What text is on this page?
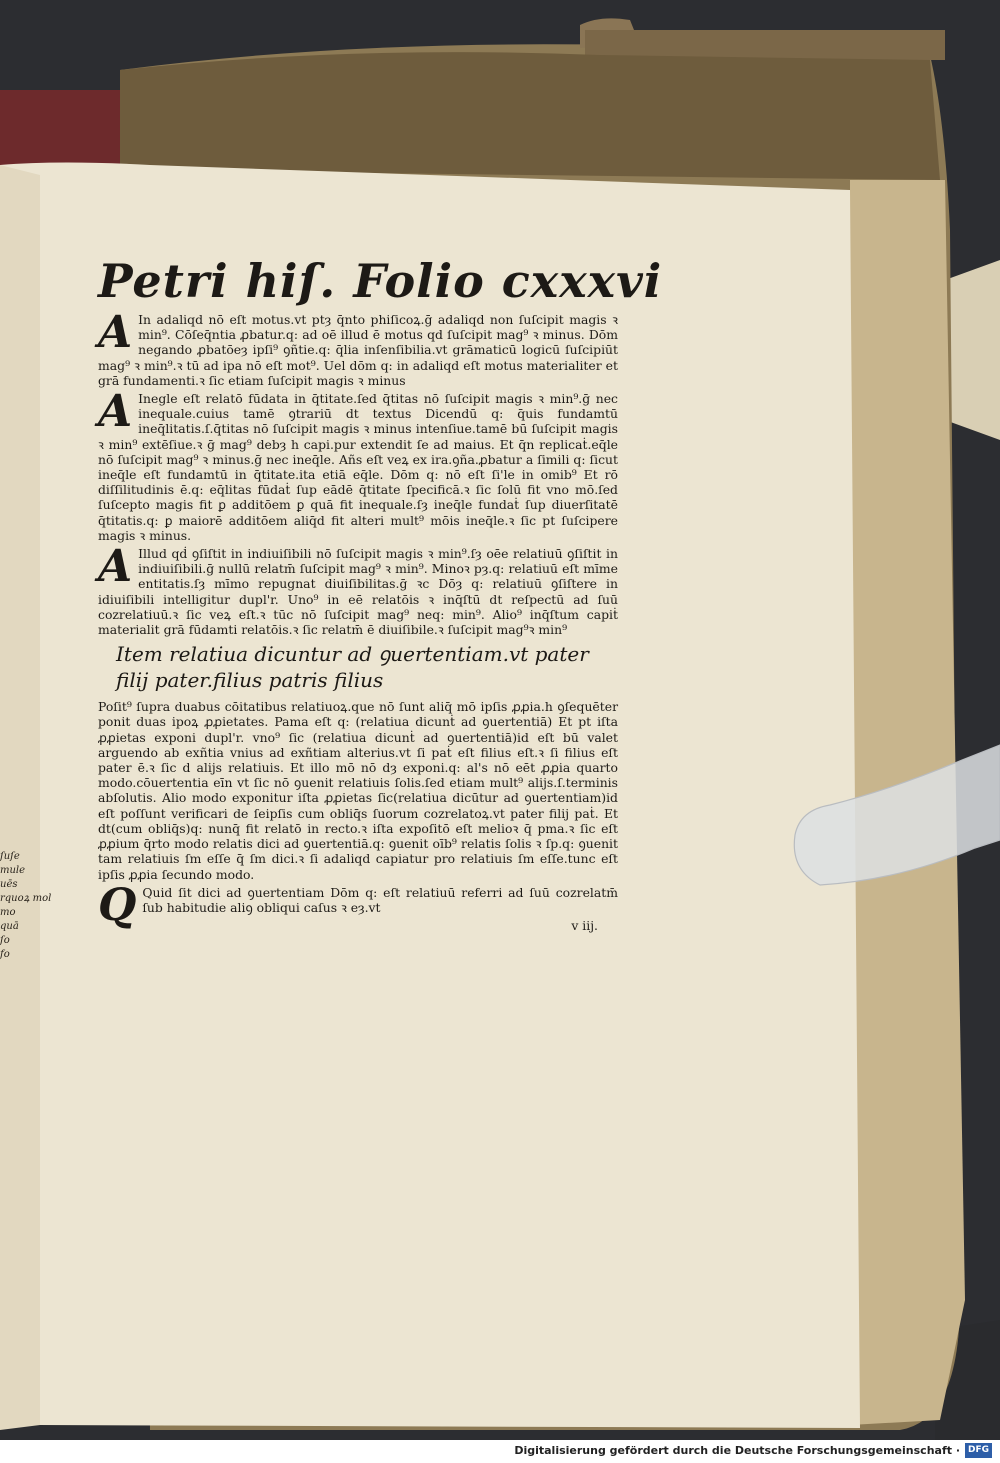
Petri hiſ. Folio cxxxvi

A In adaliqd nō eſt motus.vt ptȝ q̄nto phiſicoꝝ.ḡ adaliqd non ſuſcipit magis ꝛ min⁹. Cōſeq̄ntia ꝓbatur.q: ad oē illud ē motus qd ſuſcipit mag⁹ ꝛ minus. Dōm negando ꝓbatōeȝ ipſi⁹ ꝯñtie.q: q̄lia inſenſibilia.vt grāmaticū logicū ſuſcipiūt mag⁹ ꝛ min⁹.ꝛ tū ad ipa nō eſt mot⁹. Uel dōm q: in adaliqd eſt motus materialiter et grā fundamenti.ꝛ ſic etiam ſuſcipit magis ꝛ minus

A Inegle eſt relatō fūdata in q̄titate.ſed q̄titas nō ſuſcipit magis ꝛ min⁹.ḡ nec inequale.cuius tamē ꝯtrariū dt textus Dicendū q: q̄uis fundamtū ineq̄litatis.ſ.q̄titas nō ſuſcipit magis ꝛ minus intenſiue.tamē bū ſuſcipit magis ꝛ min⁹ extēſiue.ꝛ ḡ mag⁹ debȝ h capi.pur extendit ſe ad maius. Et q̄n replicaṫ.eq̄le nō ſuſcipit mag⁹ ꝛ minus.ḡ nec ineq̄le. Añs eſt veꝝ ex ira.ꝯña.ꝓbatur a ſimili q: ſicut ineq̄le eſt fundamtū in q̄titate.ita etiā eq̄le. Dōm q: nō eſt ſi'le in omib⁹ Et rō diſſilitudinis ē.q: eq̄litas fūdaṫ ſup eādē q̄titate ſpecificā.ꝛ ſic ſolū fit vno mō.ſed ſuſcepto magis fit ꝑ additōem ꝑ quā fit inequale.ſȝ ineq̄le fundaṫ ſup diuerſitatē q̄titatis.q: ꝑ maiorē additōem aliq̄d fit alteri mult⁹ mōis ineq̄le.ꝛ ſic pt ſuſcipere magis ꝛ minus.

A Illud qḋ ꝯſiſtit in indiuiſibili nō ſuſcipit magis ꝛ min⁹.ſȝ oēe relatiuū ꝯſiſtit in indiuiſibili.ḡ nullū relatm̄ ſuſcipit mag⁹ ꝛ min⁹. Minoꝛ pȝ.q: relatiuū eſt mīme entitatis.ſȝ mīmo repugnat diuiſibilitas.ḡ ꝛc Dōȝ q: relatiuū ꝯſiſtere in idiuiſibili intelligitur dupl'r. Uno⁹ in eē relatōis ꝛ inq̄ſtū dt reſpectū ad ſuū cozrelatiuū.ꝛ ſic veꝝ eſt.ꝛ tūc nō ſuſcipit mag⁹ neq: min⁹. Alio⁹ inq̄ſtum capiṫ materialit grā fūdamti relatōis.ꝛ ſic relatm̄ ē diuiſibile.ꝛ ſuſcipit mag⁹ꝛ min⁹

Item relatiua dicuntur ad ꝯuertentiam.vt pater filij pater.filius patris filius

Poſit⁹ ſupra duabus cōitatibus relatiuoꝝ.que nō ſunt aliq̄ mō ipſis ꝓꝓia.h ꝯſequēter ponit duas ipoꝝ ꝓꝓietates. Pama eſt q: (relatiua dicunṫ ad ꝯuertentiā) Et pt iſta ꝓꝓietas exponi dupl'r. vno⁹ ſic (relatiua dicunṫ ad ꝯuertentiā)id eſt bū valet arguendo ab exñtia vnius ad exñtiam alterius.vt ſi paṫ eſt filius eſt.ꝛ ſi filius eſt pater ē.ꝛ ſic d alijs relatiuis. Et illo mō nō dȝ exponi.q: al's nō eēt ꝓꝓia quarto modo.cōuertentia eīn vt ſic nō ꝯuenit relatiuis ſolis.ſed etiam mult⁹ alijs.ſ.terminis abſolutis. Alio modo exponitur iſta ꝓꝓietas ſic(relatiua dicūtur ad ꝯuertentiam)id eſt poſſunt verificari de ſeipſis cum obliq̄s ſuorum cozrelatoꝝ.vt pater filij paṫ. Et dt(cum obliq̄s)q: nunq̄ fit relatō in recto.ꝛ iſta expoſitō eſt melioꝛ q̄ pma.ꝛ ſic eſt ꝓꝓium q̄rto modo relatis dici ad ꝯuertentiā.q: ꝯuenit oīb⁹ relatis ſolis ꝛ ſp.q: ꝯuenit tam relatiuis ſm eſſe q̄ ſm dici.ꝛ ſi adaliqd capiatur pro relatiuis ſm eſſe.tunc eſt ipſis ꝓꝓia ſecundo modo.

Q Quid ſit dici ad ꝯuertentiam Dōm q: eſt relatiuū referri ad ſuū cozrelatm̄ ſub habitudie aliꝯ obliqui caſus ꝛ eȝ.vt

v iij.
ſuſe
mule
uēs
rquoꝝ
mo
quā
ſo
fo
Digitalisierung gefördert durch die Deutsche Forschungsgemeinschaft · DFG
